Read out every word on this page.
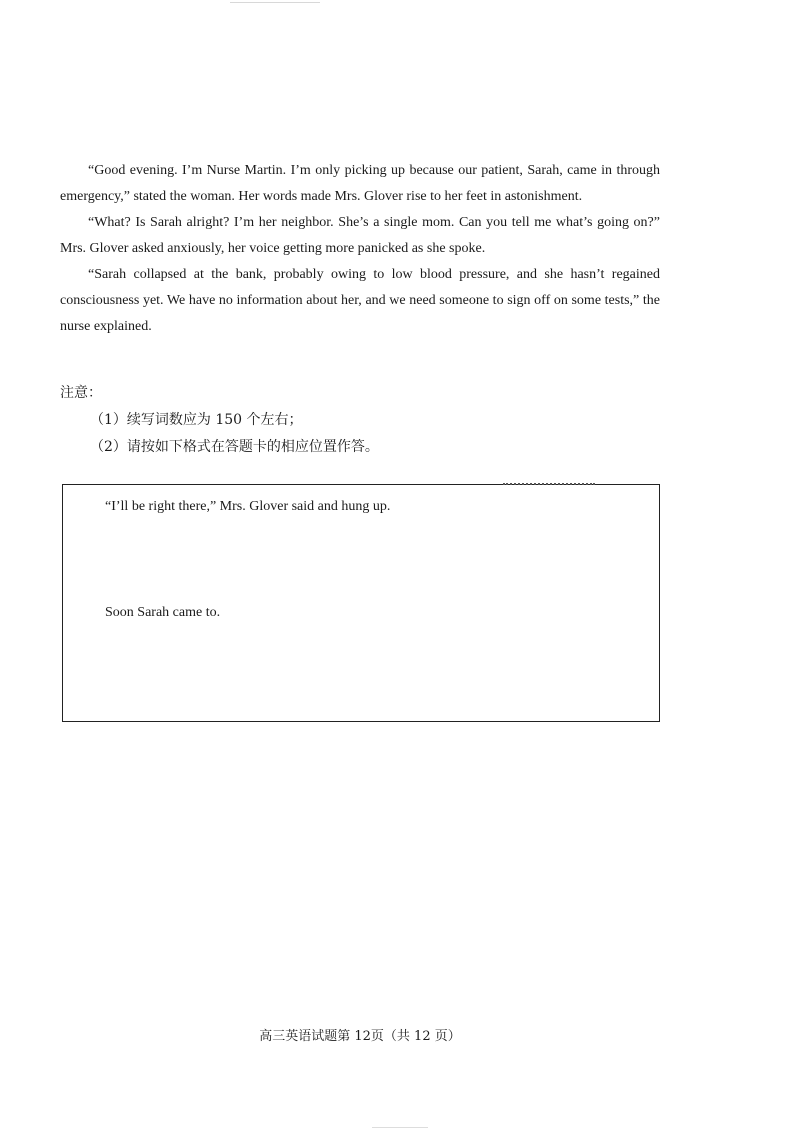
“Good evening. I’m Nurse Martin. I’m only picking up because our patient, Sarah, came in through emergency,” stated the woman. Her words made Mrs. Glover rise to her feet in astonishment.

“What? Is Sarah alright? I’m her neighbor. She’s a single mom. Can you tell me what’s going on?” Mrs. Glover asked anxiously, her voice getting more panicked as she spoke.

“Sarah collapsed at the bank, probably owing to low blood pressure, and she hasn’t regained consciousness yet. We have no information about her, and we need someone to sign off on some tests,” the nurse explained.

注意：

（1）续写词数应为 150 个左右；

（2）请按如下格式在答题卡的相应位置作答。

“I’ll be right there,” Mrs. Glover said and hung up.
Soon Sarah came to.
高三英语试题第 12页（共 12 页）
